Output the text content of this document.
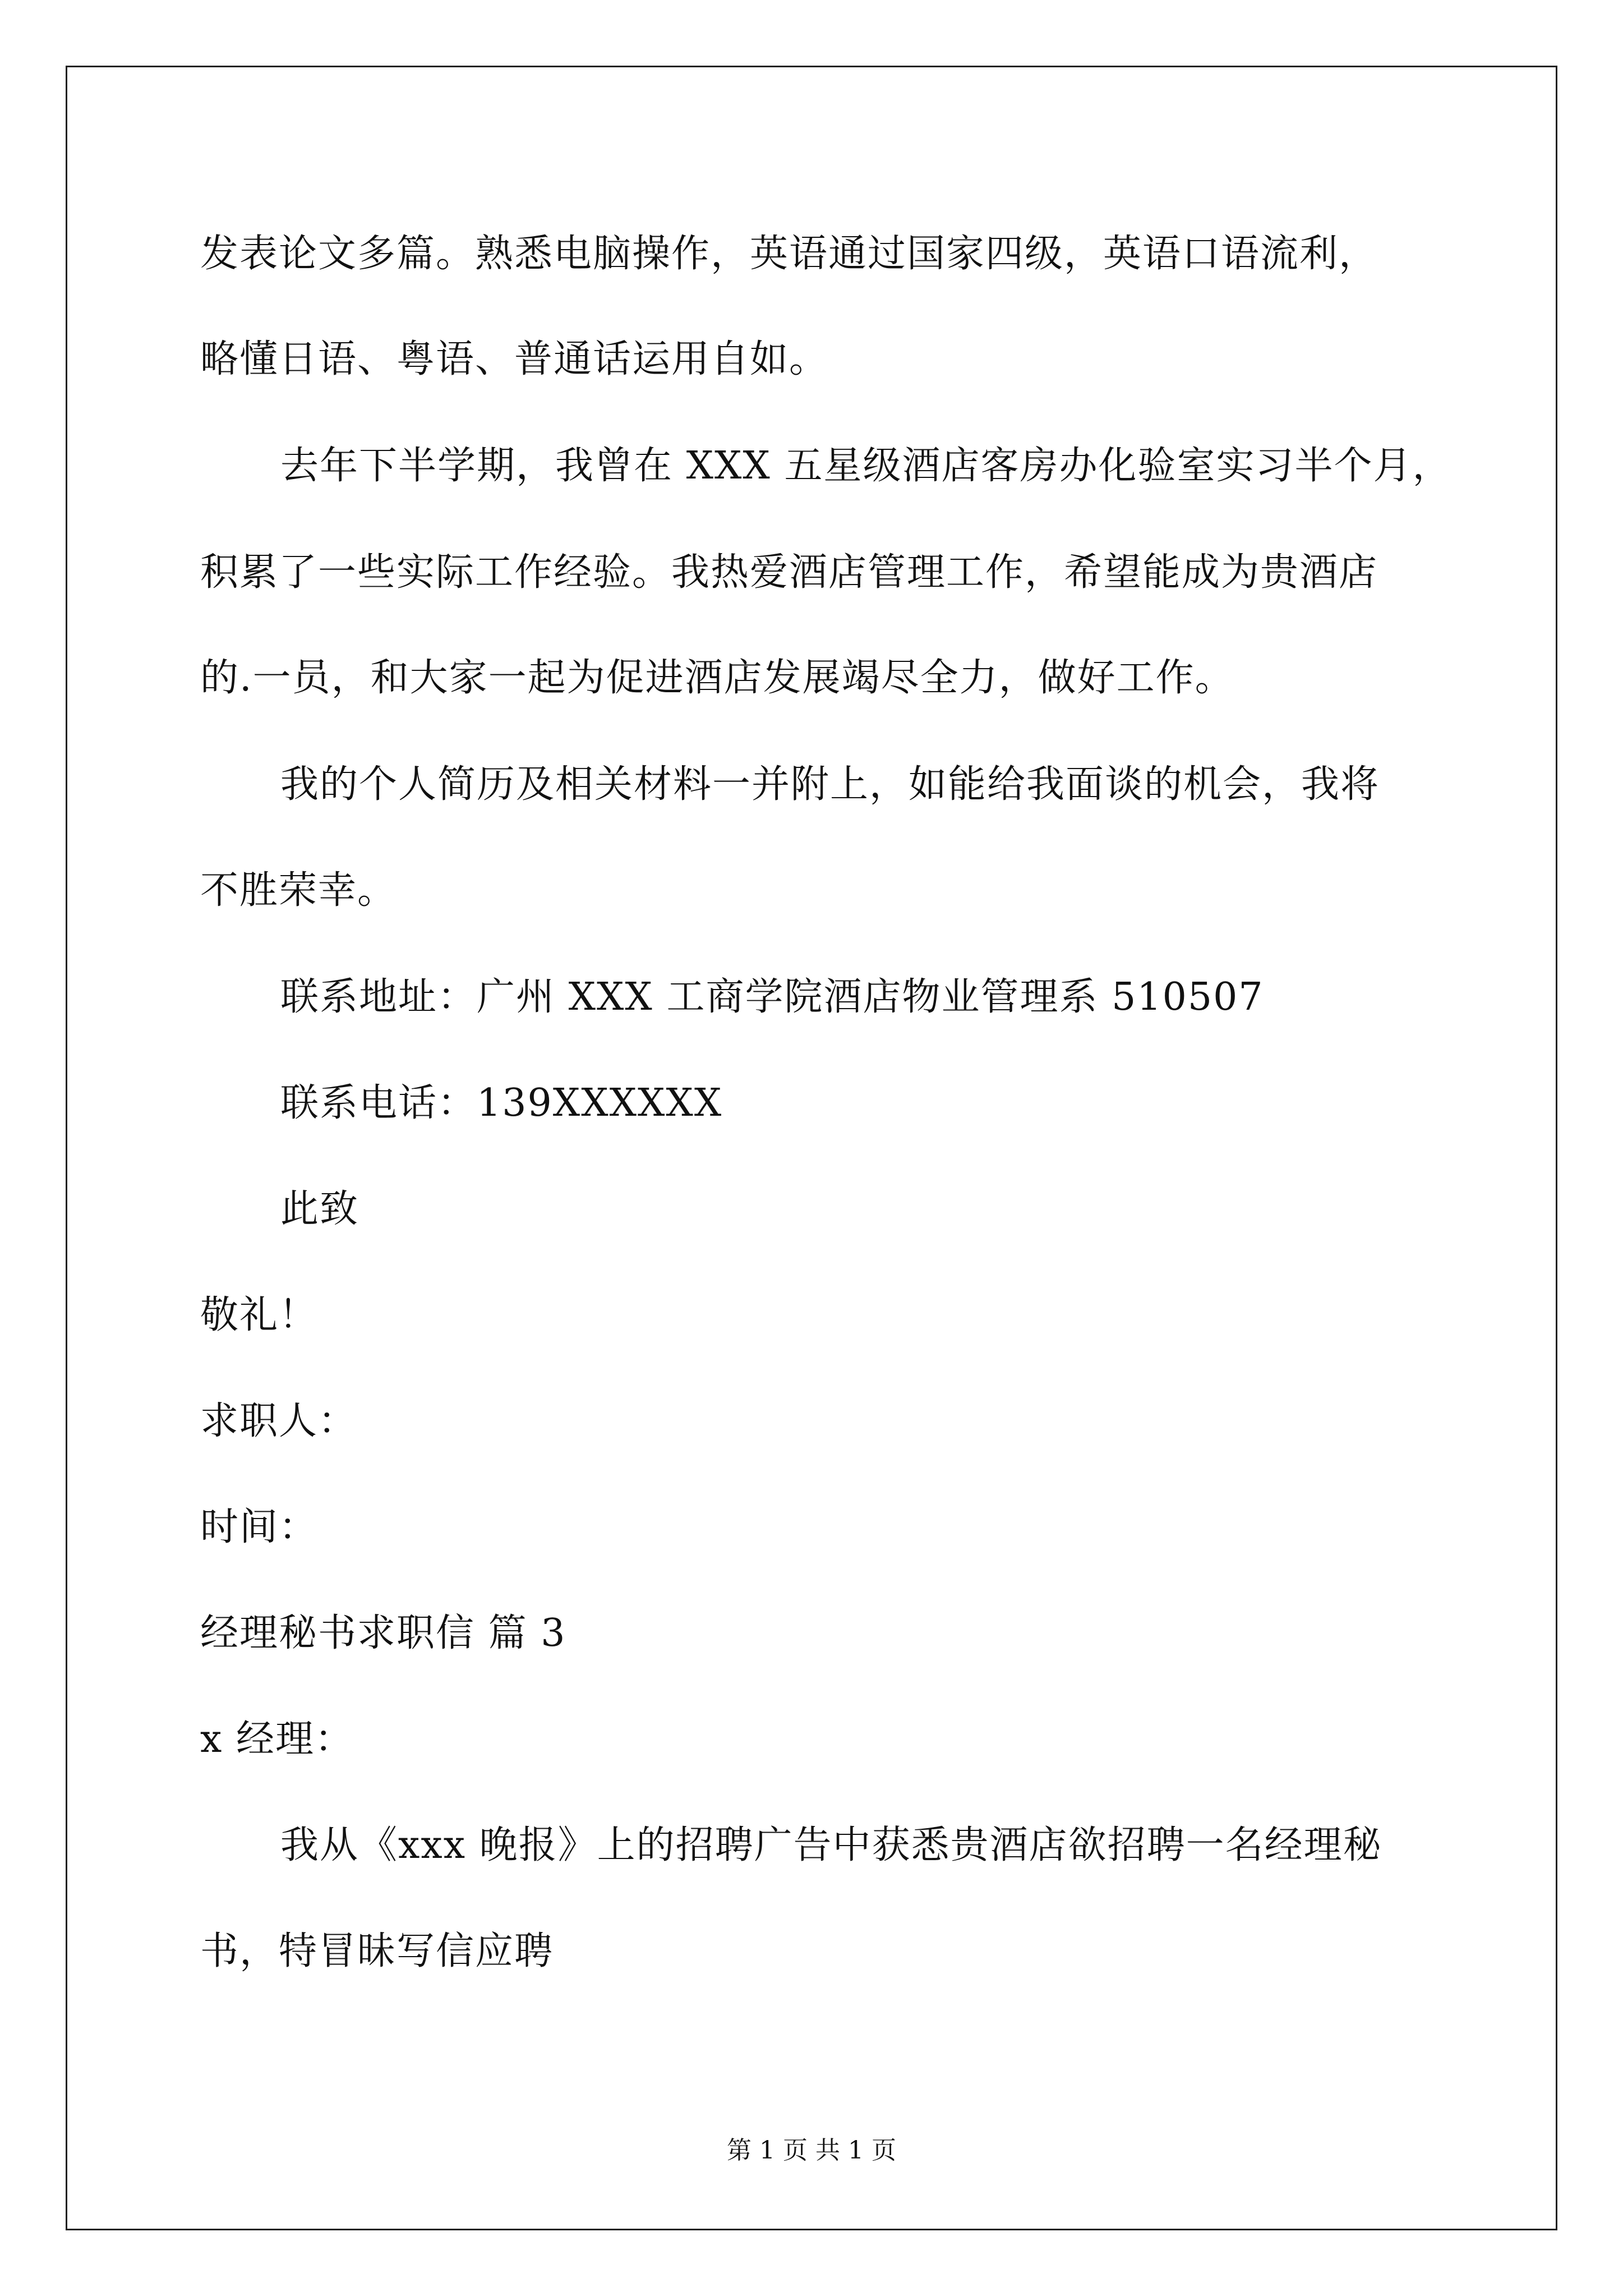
发表论文多篇。熟悉电脑操作，英语通过国家四级，英语口语流利，
略懂日语、粤语、普通话运用自如。
去年下半学期，我曾在 XXX 五星级酒店客房办化验室实习半个月，
积累了一些实际工作经验。我热爱酒店管理工作，希望能成为贵酒店
的.一员，和大家一起为促进酒店发展竭尽全力，做好工作。
我的个人简历及相关材料一并附上，如能给我面谈的机会，我将
不胜荣幸。
联系地址：广州 XXX 工商学院酒店物业管理系 510507
联系电话：139XXXXXX
此致
敬礼！
求职人：
时间：
经理秘书求职信 篇 3
x 经理：
我从《xxx 晚报》上的招聘广告中获悉贵酒店欲招聘一名经理秘
书，特冒昧写信应聘
第 1 页 共 1 页
